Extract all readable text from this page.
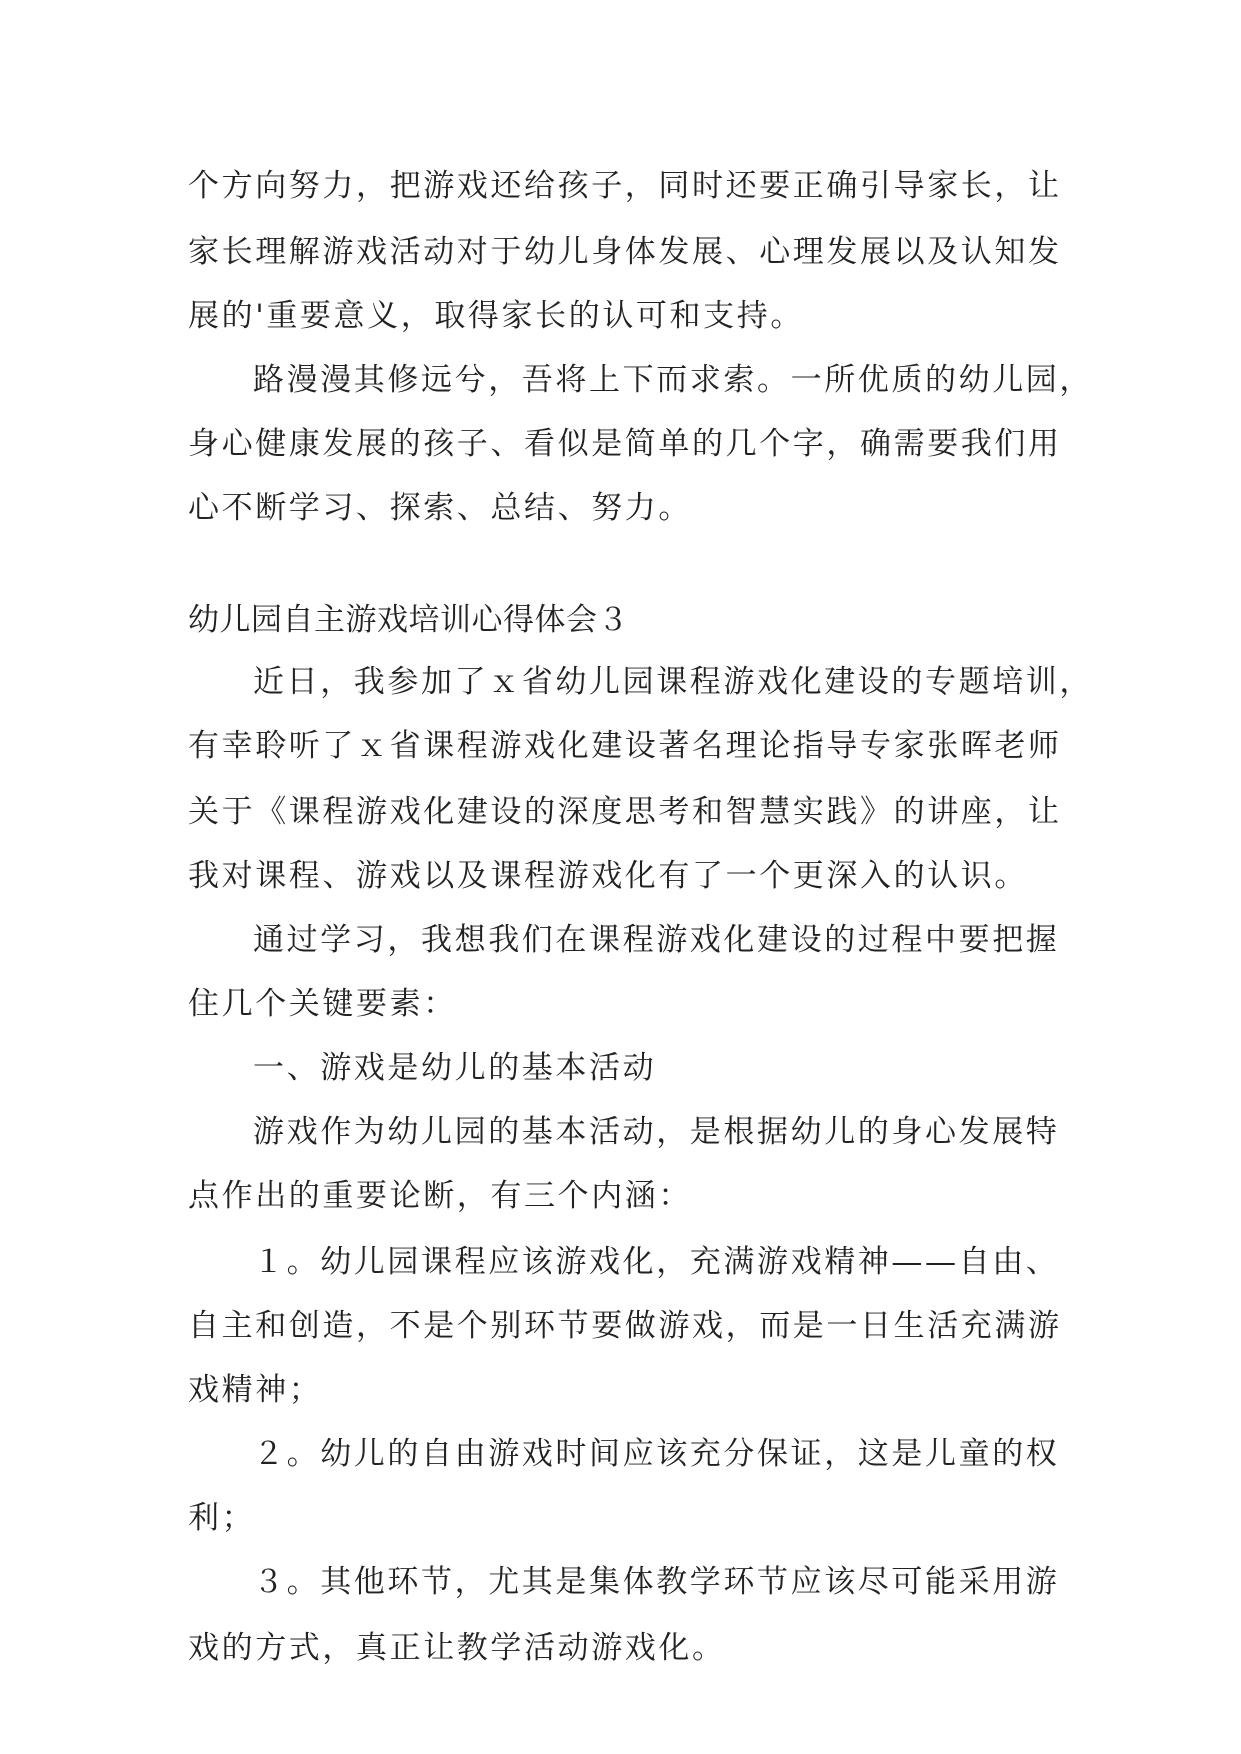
个方向努力，把游戏还给孩子，同时还要正确引导家长，让
家长理解游戏活动对于幼儿身体发展、心理发展以及认知发
展的'重要意义，取得家长的认可和支持。
路漫漫其修远兮，吾将上下而求索。一所优质的幼儿园，
身心健康发展的孩子、看似是简单的几个字，确需要我们用
心不断学习、探索、总结、努力。
幼儿园自主游戏培训心得体会３
近日，我参加了ｘ省幼儿园课程游戏化建设的专题培训，
有幸聆听了ｘ省课程游戏化建设著名理论指导专家张晖老师
关于《课程游戏化建设的深度思考和智慧实践》的讲座，让
我对课程、游戏以及课程游戏化有了一个更深入的认识。
通过学习，我想我们在课程游戏化建设的过程中要把握
住几个关键要素：
一、游戏是幼儿的基本活动
游戏作为幼儿园的基本活动，是根据幼儿的身心发展特
点作出的重要论断，有三个内涵：
１。幼儿园课程应该游戏化，充满游戏精神——自由、
自主和创造，不是个别环节要做游戏，而是一日生活充满游
戏精神；
２。幼儿的自由游戏时间应该充分保证，这是儿童的权
利；
３。其他环节，尤其是集体教学环节应该尽可能采用游
戏的方式，真正让教学活动游戏化。
